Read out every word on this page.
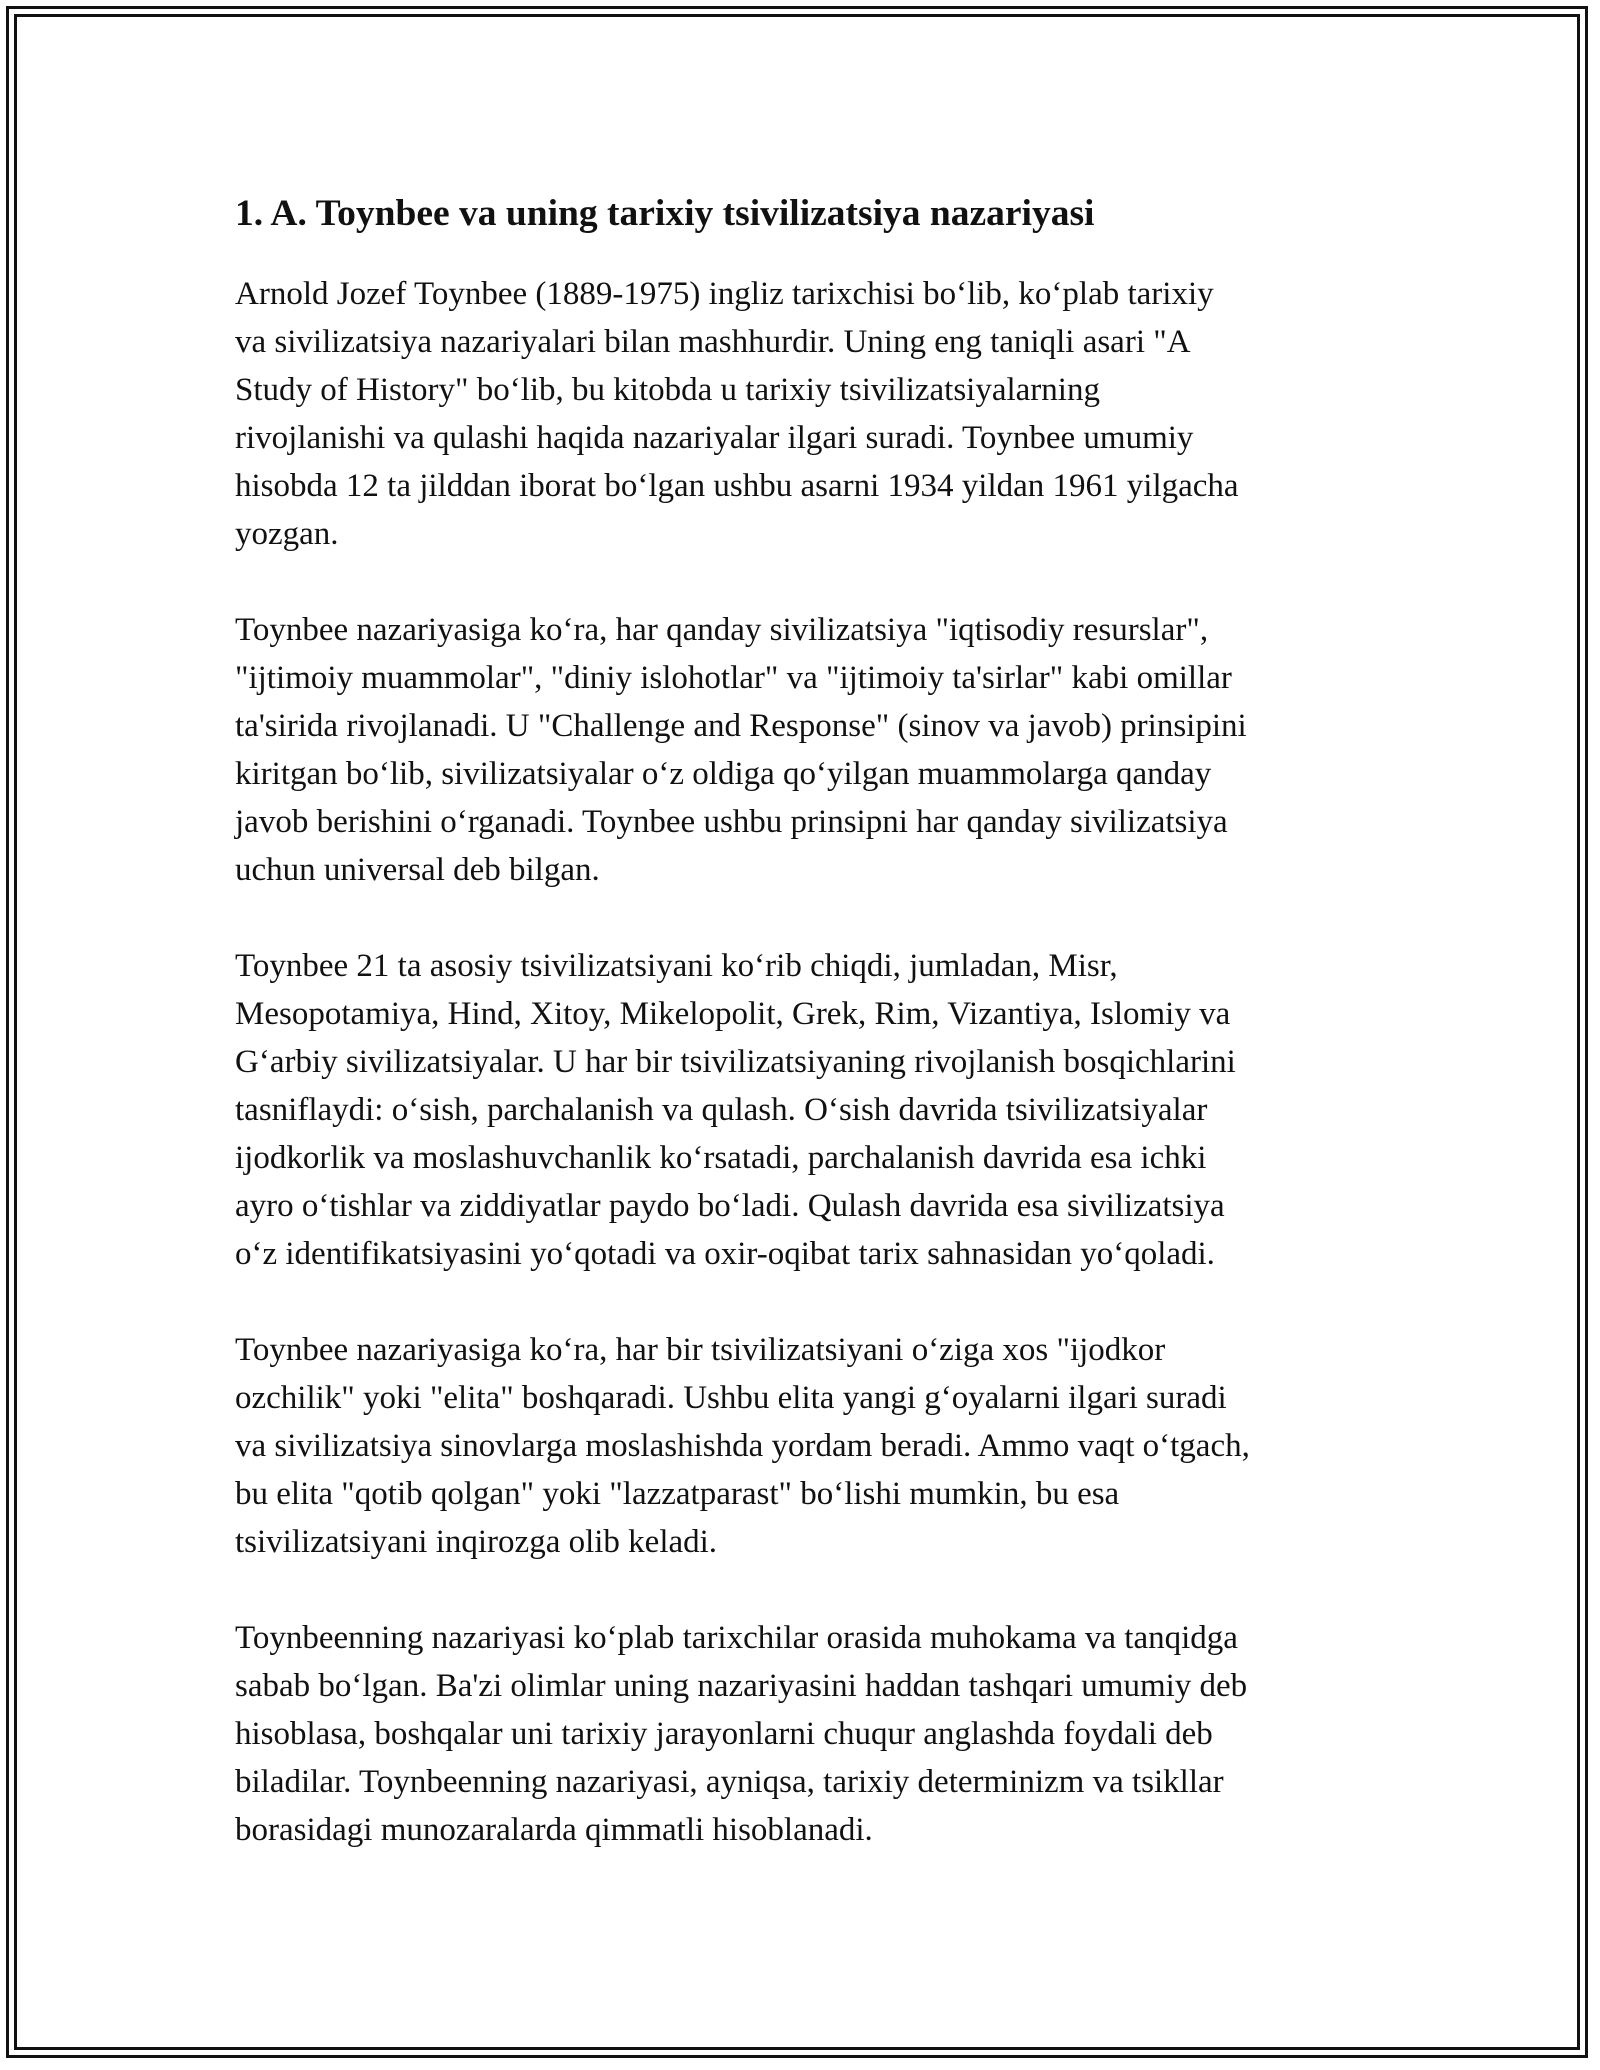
1. A. Toynbee va uning tarixiy tsivilizatsiya nazariyasi

Arnold Jozef Toynbee (1889-1975) ingliz tarixchisi bo‘lib, ko‘plab tarixiy
va sivilizatsiya nazariyalari bilan mashhurdir. Uning eng taniqli asari "A
Study of History" bo‘lib, bu kitobda u tarixiy tsivilizatsiyalarning
rivojlanishi va qulashi haqida nazariyalar ilgari suradi. Toynbee umumiy
hisobda 12 ta jilddan iborat bo‘lgan ushbu asarni 1934 yildan 1961 yilgacha
yozgan.

Toynbee nazariyasiga ko‘ra, har qanday sivilizatsiya "iqtisodiy resurslar",
"ijtimoiy muammolar", "diniy islohotlar" va "ijtimoiy ta'sirlar" kabi omillar
ta'sirida rivojlanadi. U "Challenge and Response" (sinov va javob) prinsipini
kiritgan bo‘lib, sivilizatsiyalar o‘z oldiga qo‘yilgan muammolarga qanday
javob berishini o‘rganadi. Toynbee ushbu prinsipni har qanday sivilizatsiya
uchun universal deb bilgan.

Toynbee 21 ta asosiy tsivilizatsiyani ko‘rib chiqdi, jumladan, Misr,
Mesopotamiya, Hind, Xitoy, Mikelopolit, Grek, Rim, Vizantiya, Islomiy va
G‘arbiy sivilizatsiyalar. U har bir tsivilizatsiyaning rivojlanish bosqichlarini
tasniflaydi: o‘sish, parchalanish va qulash. O‘sish davrida tsivilizatsiyalar
ijodkorlik va moslashuvchanlik ko‘rsatadi, parchalanish davrida esa ichki
ayro o‘tishlar va ziddiyatlar paydo bo‘ladi. Qulash davrida esa sivilizatsiya
o‘z identifikatsiyasini yo‘qotadi va oxir-oqibat tarix sahnasidan yo‘qoladi.

Toynbee nazariyasiga ko‘ra, har bir tsivilizatsiyani o‘ziga xos "ijodkor
ozchilik" yoki "elita" boshqaradi. Ushbu elita yangi g‘oyalarni ilgari suradi
va sivilizatsiya sinovlarga moslashishda yordam beradi. Ammo vaqt o‘tgach,
bu elita "qotib qolgan" yoki "lazzatparast" bo‘lishi mumkin, bu esa
tsivilizatsiyani inqirozga olib keladi.

Toynbeenning nazariyasi ko‘plab tarixchilar orasida muhokama va tanqidga
sabab bo‘lgan. Ba'zi olimlar uning nazariyasini haddan tashqari umumiy deb
hisoblasa, boshqalar uni tarixiy jarayonlarni chuqur anglashda foydali deb
biladilar. Toynbeenning nazariyasi, ayniqsa, tarixiy determinizm va tsikllar
borasidagi munozaralarda qimmatli hisoblanadi.
